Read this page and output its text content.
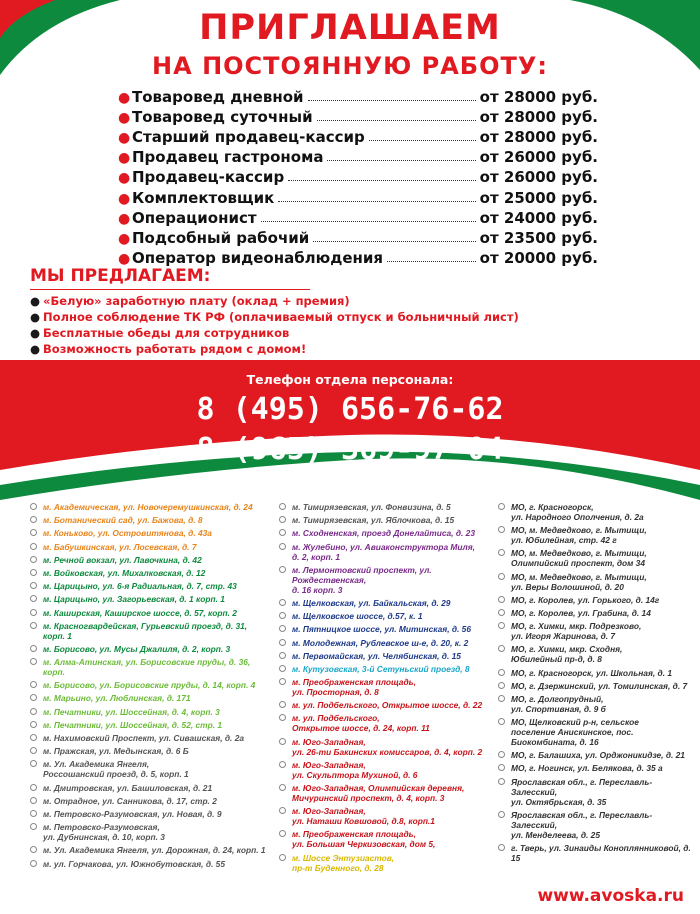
ПРИГЛАШАЕМ
НА ПОСТОЯННУЮ РАБОТУ:
● Товаровед дневной	от 28000 руб.
● Товаровед суточный	от 28000 руб.
● Старший продавец-кассир	от 28000 руб.
● Продавец гастронома	от 26000 руб.
● Продавец-кассир	от 26000 руб.
● Комплектовщик	от 25000 руб.
● Операционист	от 24000 руб.
● Подсобный рабочий	от 23500 руб.
● Оператор видеонаблюдения	от 20000 руб.
МЫ ПРЕДЛАГАЕМ:
● «Белую» заработную плату (оклад + премия)
● Полное соблюдение ТК РФ (оплачиваемый отпуск и больничный лист)
● Бесплатные обеды для сотрудников
● Возможность работать рядом с домом!
Телефон отдела персонала:
8 (495) 656-76-62
8 (965) 369-97-04
E-mail: kadrovik@avoska.ru
м. Академическая, ул. Новочеремушкинская, д. 24
м. Ботанический сад, ул. Бажова, д. 8
м. Коньково, ул. Островитянова, д. 43а
м. Бабушкинская, ул. Лосевская, д. 7
м. Речной вокзал, ул. Лавочкина, д. 42
м. Войковская, ул. Михалковская, д. 12
м. Царицыно, ул. 6-я Радиальная, д. 7, стр. 43
м. Царицыно, ул. Загорьевская, д. 1 корп. 1
м. Каширская, Каширское шоссе, д. 57, корп. 2
м. Красногвардейская, Гурьевский проезд, д. 31, корп. 1
м. Борисово, ул. Мусы Джалиля, д. 2, корп. 3
м. Алма-Атинская, ул. Борисовские пруды, д. 36, корп.
м. Борисово, ул. Борисовские пруды, д. 14, корп. 4
м. Марьино, ул. Люблинская, д. 171
м. Печатники, ул. Шоссейная, д. 4, корп. 3
м. Печатники, ул. Шоссейная, д. 52, стр. 1
м. Нахимовский Проспект, ул. Сивашская, д. 2а
м. Пражская, ул. Медынская, д. 6 Б
м. Ул. Академика Янгеля,
Россошанский проезд, д. 5, корп. 1
м. Дмитровская, ул. Башиловская, д. 21
м. Отрадное, ул. Санникова, д. 17, стр. 2
м. Петровско-Разумовская, ул. Новая, д. 9
м. Петровско-Разумовская,
ул. Дубнинская, д. 10, корп. 3
м. Ул. Академика Янгеля, ул. Дорожная, д. 24, корп. 1
м. ул. Горчакова, ул. Южнобутовская, д. 55
м. Тимирязевская, ул. Фонвизина, д. 5
м. Тимирязевская, ул. Яблочкова, д. 15
м. Сходненская, проезд Донелайтиса, д. 23
м. Жулебино, ул. Авиаконструктора Миля,
д. 2, корп. 1
м. Лермонтовский проспект, ул. Рождественская,
д. 16 корп. 3
м. Щелковская, ул. Байкальская, д. 29
м. Щелковское шоссе, д.57, к. 1
м. Пятницкое шоссе, ул. Митинская, д. 56
м. Молодежная, Рублевское ш-е, д. 20, к. 2
м. Первомайская, ул. Челябинская, д. 15
м. Кутузовская, 3-й Сетуньский проезд, 8
м. Преображенская площадь,
ул. Просторная, д. 8
м. ул. Подбельского, Открытое шоссе, д. 22
м. ул. Подбельского,
Открытое шоссе, д. 24, корп. 11
м. Юго-Западная,
ул. 26-ти Бакинских комиссаров, д. 4, корп. 2
м. Юго-Западная,
ул. Скульптора Мухиной, д. 6
м. Юго-Западная, Олимпийская деревня,
Мичуринский проспект, д. 4, корп. 3
м. Юго-Западная,
ул. Наташи Ковшовой, д.8, корп.1
м. Преображенская площадь,
ул. Большая Черкизовская, дом 5,
м. Шоссе Энтузиастов,
пр-т Буденного, д. 28
МО, г. Красногорск,
ул. Народного Ополчения, д. 2а
МО, м. Медведково, г. Мытищи,
ул. Юбилейная, стр. 42 г
МО, м. Медведково, г. Мытищи,
Олимпийский проспект, дом 34
МО, м. Медведково, г. Мытищи,
ул. Веры Волошиной, д. 20
МО, г. Королев, ул. Горького, д. 14г
МО, г. Королев, ул. Грабина, д. 14
МО, г. Химки, мкр. Подрезково,
ул. Игоря Жариновa, д. 7
МО, г. Химки, мкр. Сходня,
Юбилейный пр-д, д. 8
МО, г. Красногорск, ул. Школьная, д. 1
МО, г. Дзержинский, ул. Томилинская, д. 7
МО, г. Долгопрудный,
ул. Спортивная, д. 9 б
МО, Щелковский р-н, сельское
поселение Анискинское, пос. Биокомбината, д. 16
МО, г. Балашиха, ул. Орджоникидзе, д. 21
МО, г. Ногинск, ул. Белякова, д. 35 а
Ярославская обл., г. Переславль-Залесский,
ул. Октябрьская, д. 35
Ярославская обл., г. Переславль-Залесский,
ул. Менделеева, д. 25
г. Тверь, ул. Зинаиды Коноплянниковой, д. 15
www.avoska.ru
